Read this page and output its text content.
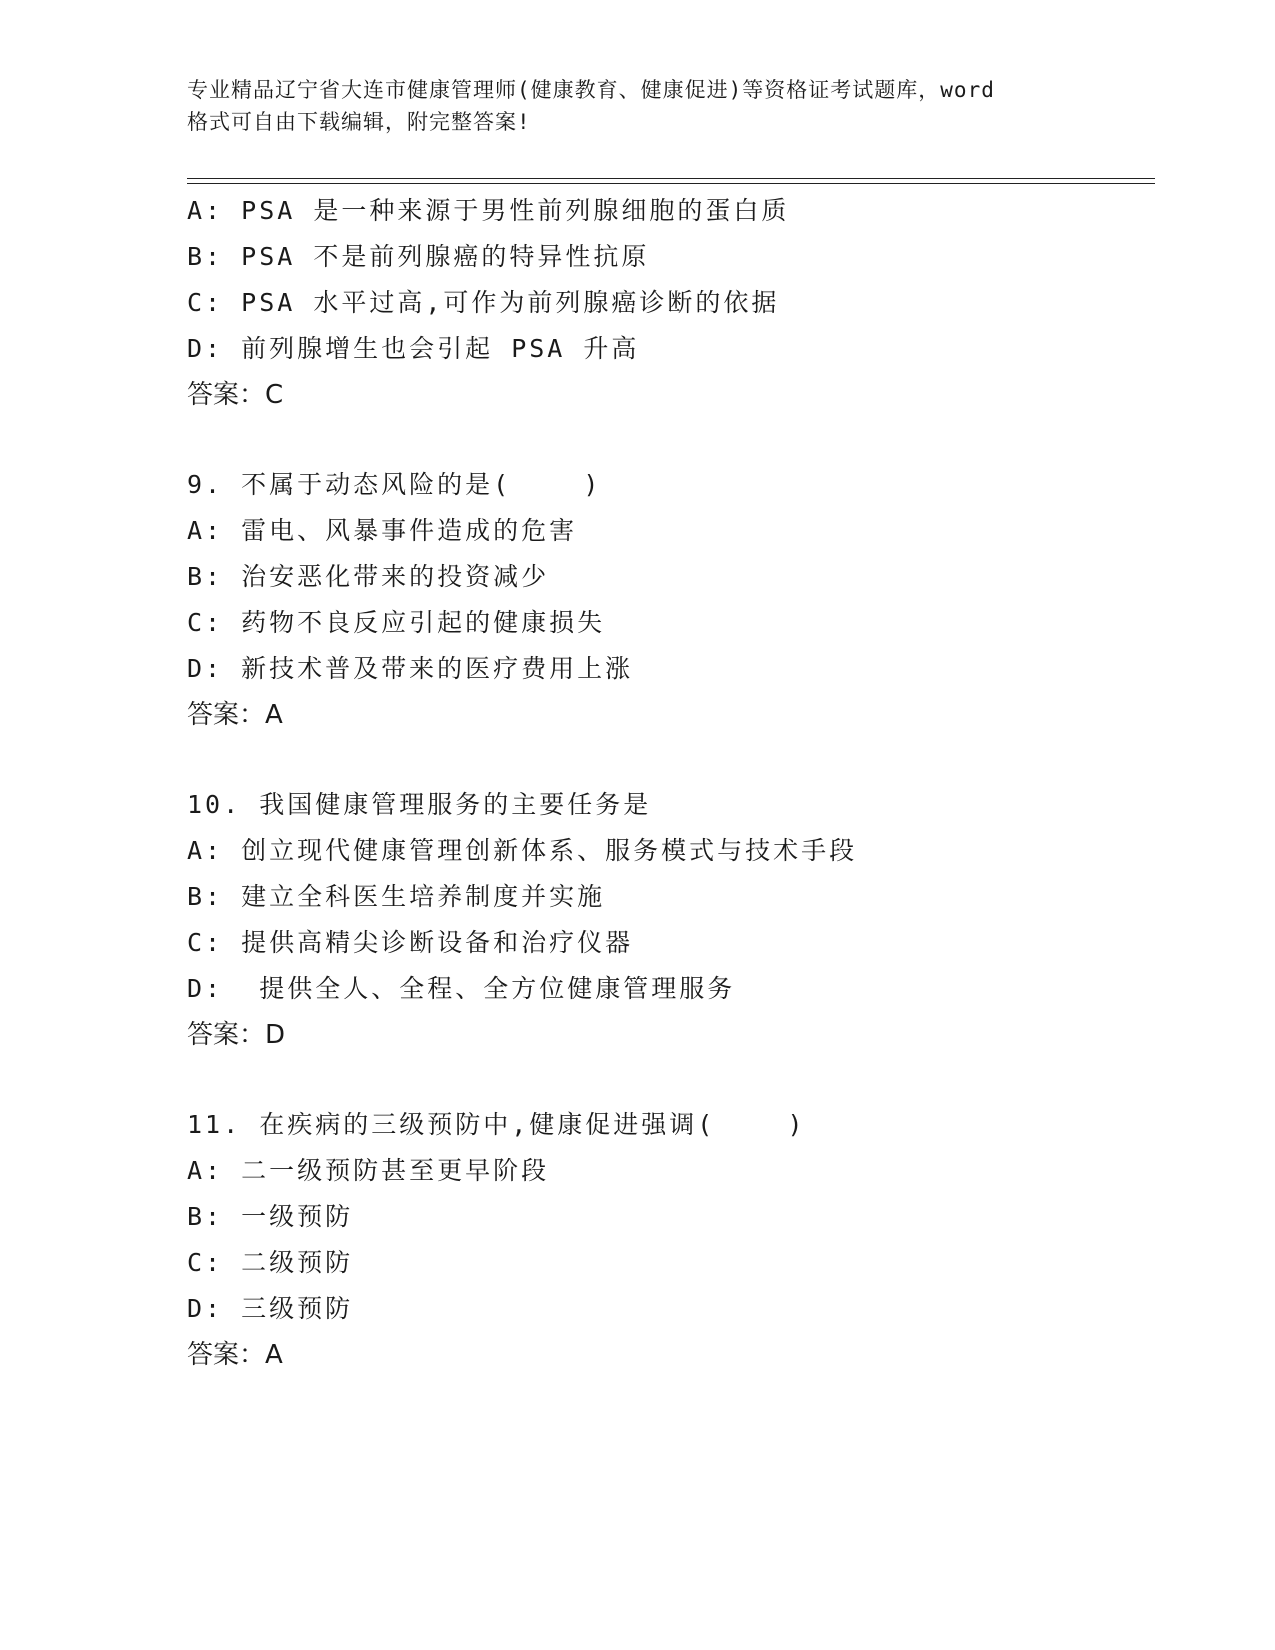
专业精品辽宁省大连市健康管理师(健康教育、健康促进)等资格证考试题库，word
格式可自由下载编辑，附完整答案!
A: PSA 是一种来源于男性前列腺细胞的蛋白质
B: PSA 不是前列腺癌的特异性抗原
C: PSA 水平过高,可作为前列腺癌诊断的依据
D: 前列腺增生也会引起 PSA 升高
答案：C
9. 不属于动态风险的是(    )
A: 雷电、风暴事件造成的危害
B: 治安恶化带来的投资减少
C: 药物不良反应引起的健康损失
D: 新技术普及带来的医疗费用上涨
答案：A
10. 我国健康管理服务的主要任务是
A: 创立现代健康管理创新体系、服务模式与技术手段
B: 建立全科医生培养制度并实施
C: 提供高精尖诊断设备和治疗仪器
D:  提供全人、全程、全方位健康管理服务
答案：D
11. 在疾病的三级预防中,健康促进强调(    )
A: 二一级预防甚至更早阶段
B: 一级预防
C: 二级预防
D: 三级预防
答案：A
